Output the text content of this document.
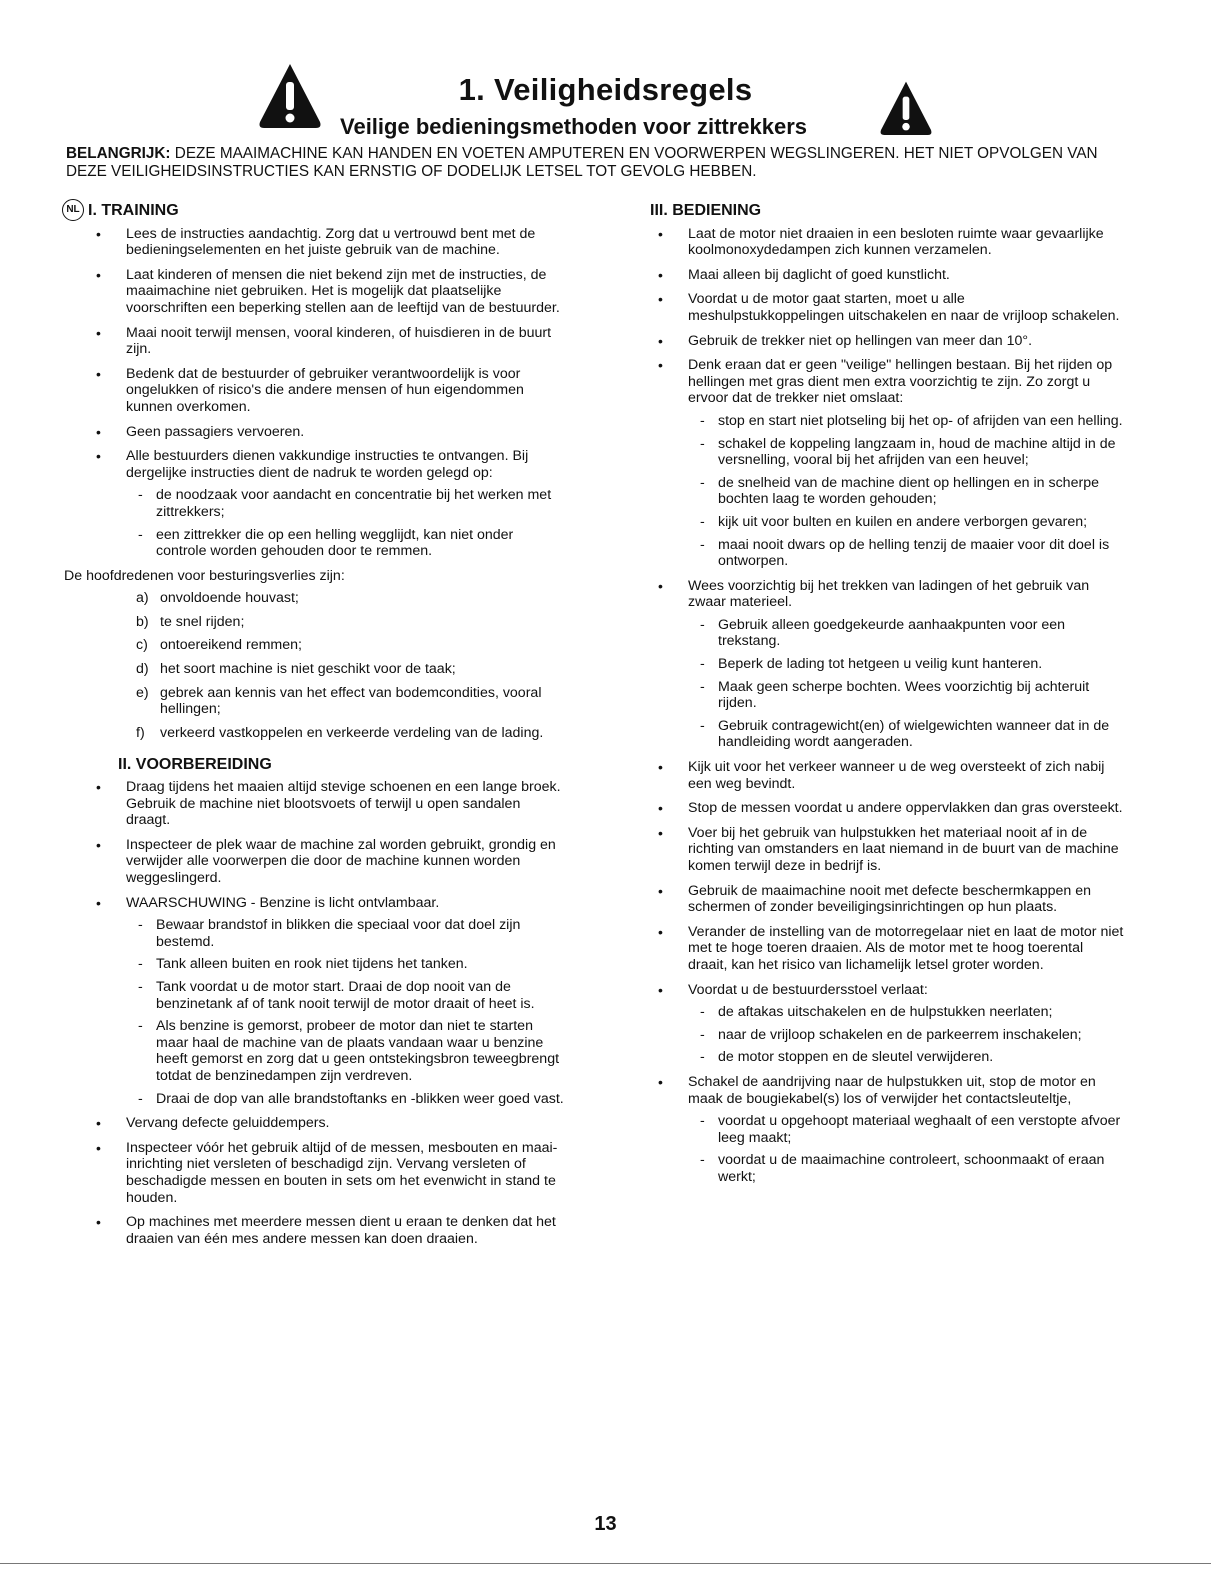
1. Veiligheidsregels
Veilige bedieningsmethoden voor zittrekkers
BELANGRIJK: DEZE MAAIMACHINE KAN HANDEN EN VOETEN AMPUTEREN EN VOORWERPEN WEGSLINGEREN. HET NIET OPVOLGEN VAN DEZE VEILIGHEIDSINSTRUCTIES KAN ERNSTIG OF DODELIJK LETSEL TOT GEVOLG HEBBEN.
NL I. TRAINING
• Lees de instructies aandachtig. Zorg dat u vertrouwd bent met de bedieningselementen en het juiste gebruik van de machine.
• Laat kinderen of mensen die niet bekend zijn met de instructies, de maaimachine niet gebruiken. Het is mogelijk dat plaatselijke voorschriften een beperking stellen aan de leeftijd van de bestuurder.
• Maai nooit terwijl mensen, vooral kinderen, of huisdieren in de buurt zijn.
• Bedenk dat de bestuurder of gebruiker verantwoordelijk is voor ongelukken of risico's die andere mensen of hun eigendommen kunnen overkomen.
• Geen passagiers vervoeren.
• Alle bestuurders dienen vakkundige instructies te ontvangen. Bij dergelijke instructies dient de nadruk te worden gelegd op:
- de noodzaak voor aandacht en concentratie bij het werken met zittrekkers;
- een zittrekker die op een helling wegglijdt, kan niet onder controle worden gehouden door te remmen.
De hoofdredenen voor besturingsverlies zijn:
a) onvoldoende houvast;
b) te snel rijden;
c) ontoereikend remmen;
d) het soort machine is niet geschikt voor de taak;
e) gebrek aan kennis van het effect van bodemcondities, vooral hellingen;
f) verkeerd vastkoppelen en verkeerde verdeling van de lading.
II. VOORBEREIDING
• Draag tijdens het maaien altijd stevige schoenen en een lange broek. Gebruik de machine niet blootsvoets of terwijl u open sandalen draagt.
• Inspecteer de plek waar de machine zal worden gebruikt, grondig en verwijder alle voorwerpen die door de machine kunnen worden weggeslingerd.
• WAARSCHUWING - Benzine is licht ontvlambaar.
- Bewaar brandstof in blikken die speciaal voor dat doel zijn bestemd.
- Tank alleen buiten en rook niet tijdens het tanken.
- Tank voordat u de motor start. Draai de dop nooit van de benzinetank af of tank nooit terwijl de motor draait of heet is.
- Als benzine is gemorst, probeer de motor dan niet te starten maar haal de machine van de plaats vandaan waar u benzine heeft gemorst en zorg dat u geen ontstekingsbron teweegbrengt totdat de benzinedampen zijn verdreven.
- Draai de dop van alle brandstoftanks en -blikken weer goed vast.
• Vervang defecte geluiddempers.
• Inspecteer vóór het gebruik altijd of de messen, mesbouten en maai-inrichting niet versleten of beschadigd zijn. Vervang versleten of beschadigde messen en bouten in sets om het evenwicht in stand te houden.
• Op machines met meerdere messen dient u eraan te denken dat het draaien van één mes andere messen kan doen draaien.
III. BEDIENING
• Laat de motor niet draaien in een besloten ruimte waar gevaarlijke koolmonoxydedampen zich kunnen verzamelen.
• Maai alleen bij daglicht of goed kunstlicht.
• Voordat u de motor gaat starten, moet u alle meshulpstukkoppelingen uitschakelen en naar de vrijloop schakelen.
• Gebruik de trekker niet op hellingen van meer dan 10°.
• Denk eraan dat er geen "veilige" hellingen bestaan. Bij het rijden op hellingen met gras dient men extra voorzichtig te zijn. Zo zorgt u ervoor dat de trekker niet omslaat:
- stop en start niet plotseling bij het op- of afrijden van een helling.
- schakel de koppeling langzaam in, houd de machine altijd in de versnelling, vooral bij het afrijden van een heuvel;
- de snelheid van de machine dient op hellingen en in scherpe bochten laag te worden gehouden;
- kijk uit voor bulten en kuilen en andere verborgen gevaren;
- maai nooit dwars op de helling tenzij de maaier voor dit doel is ontworpen.
• Wees voorzichtig bij het trekken van ladingen of het gebruik van zwaar materieel.
- Gebruik alleen goedgekeurde aanhaakpunten voor een trekstang.
- Beperk de lading tot hetgeen u veilig kunt hanteren.
- Maak geen scherpe bochten. Wees voorzichtig bij achteruit rijden.
- Gebruik contragewicht(en) of wielgewichten wanneer dat in de handleiding wordt aangeraden.
• Kijk uit voor het verkeer wanneer u de weg oversteekt of zich nabij een weg bevindt.
• Stop de messen voordat u andere oppervlakken dan gras oversteekt.
• Voer bij het gebruik van hulpstukken het materiaal nooit af in de richting van omstanders en laat niemand in de buurt van de machine komen terwijl deze in bedrijf is.
• Gebruik de maaimachine nooit met defecte beschermkappen en schermen of zonder beveiligingsinrichtingen op hun plaats.
• Verander de instelling van de motorregelaar niet en laat de motor niet met te hoge toeren draaien. Als de motor met te hoog toerental draait, kan het risico van lichamelijk letsel groter worden.
• Voordat u de bestuurdersstoel verlaat:
- de aftakas uitschakelen en de hulpstukken neerlaten;
- naar de vrijloop schakelen en de parkeerrem inschakelen;
- de motor stoppen en de sleutel verwijderen.
• Schakel de aandrijving naar de hulpstukken uit, stop de motor en maak de bougiekabel(s) los of verwijder het contactsleuteltje,
- voordat u opgehoopt materiaal weghaalt of een verstopte afvoer leeg maakt;
- voordat u de maaimachine controleert, schoonmaakt of eraan werkt;
13
